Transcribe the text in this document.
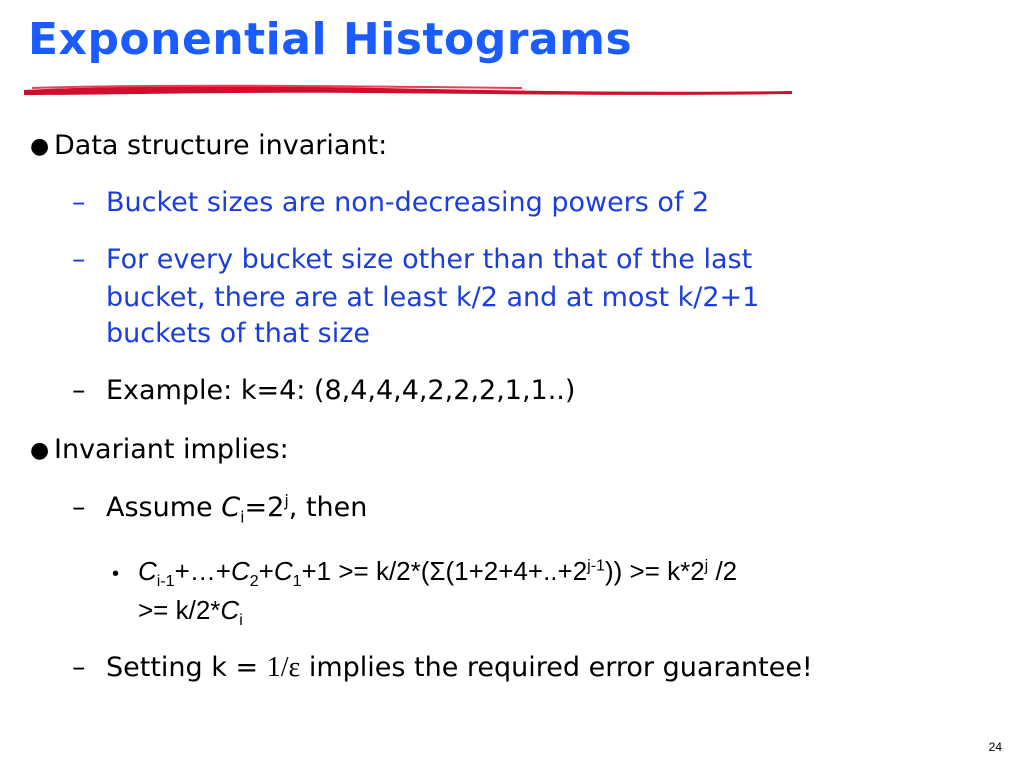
Exponential Histograms
● Data structure invariant:
– Bucket sizes are non-decreasing powers of 2
– For every bucket size other than that of the last
bucket, there are at least k/2 and at most k/2+1
buckets of that size
– Example: k=4: (8,4,4,4,2,2,2,1,1..)
● Invariant implies:
– Assume $C_i=2^j$, then
• $C_{i-1}+\dots+C_2+C_1+1 >= k/2*(\Sigma(1+2+4+..+2^{j-1})) >= k*2^j$ /2
>= $k/2*C_i$
– Setting k = 1/ε implies the required error guarantee!
24
